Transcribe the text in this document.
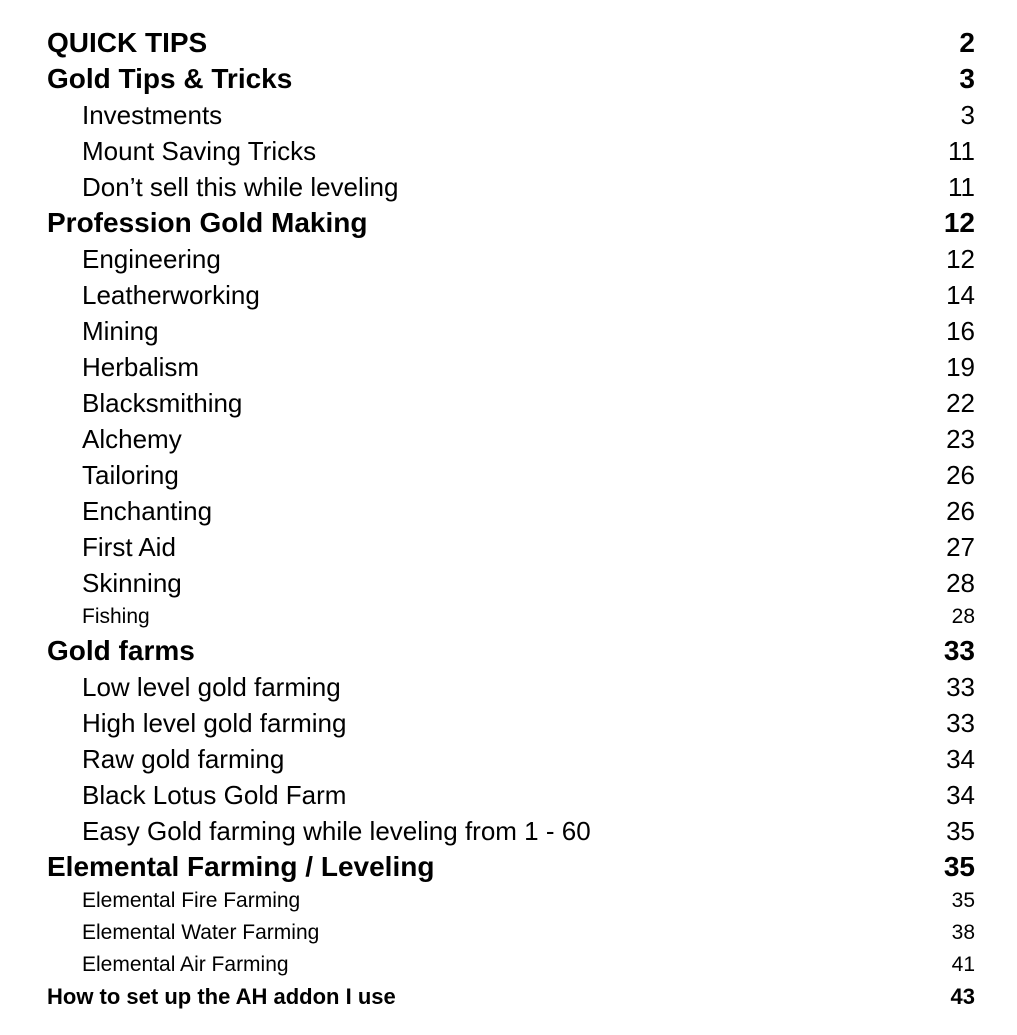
QUICK TIPS	2
Gold Tips & Tricks	3
Investments	3
Mount Saving Tricks	11
Don’t sell this while leveling	11
Profession Gold Making	12
Engineering	12
Leatherworking	14
Mining	16
Herbalism	19
Blacksmithing	22
Alchemy	23
Tailoring	26
Enchanting	26
First Aid	27
Skinning	28
Fishing	28
Gold farms	33
Low level gold farming	33
High level gold farming	33
Raw gold farming	34
Black Lotus Gold Farm	34
Easy Gold farming while leveling from 1 - 60	35
Elemental Farming / Leveling	35
Elemental Fire Farming	35
Elemental Water Farming	38
Elemental Air Farming	41
How to set up the AH addon I use	43
